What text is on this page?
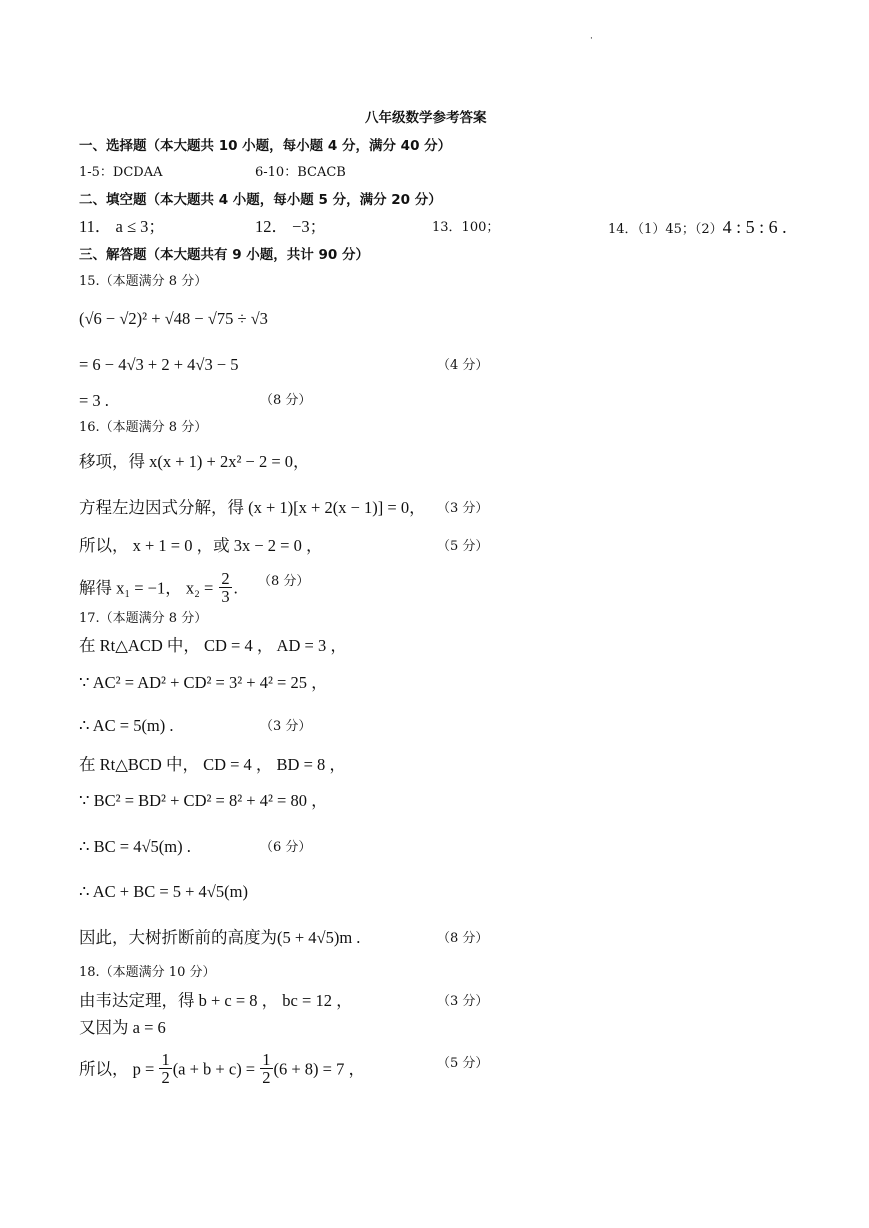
·
八年级数学参考答案
一、选择题（本大题共 10 小题，每小题 4 分，满分 40 分）
1-5：DCDAA	6-10：BCACB
二、填空题（本大题共 4 小题，每小题 5 分，满分 20 分）
11． a ≤ 3；	12． −3；	13．100；	14．（1）45；（2）4 : 5 : 6 .
三、解答题（本大题共有 9 小题，共计 90 分）
15.（本题满分 8 分）
(√6 − √2)² + √48 − √75 ÷ √3
= 6 − 4√3 + 2 + 4√3 − 5	（4 分）
= 3 .	（8 分）
16.（本题满分 8 分）
移项，得 x(x + 1) + 2x² − 2 = 0，
方程左边因式分解，得 (x + 1)[x + 2(x − 1)] = 0， （3 分）
所以， x + 1 = 0 ，或 3x − 2 = 0 ，	（5 分）
解得 x₁ = −1， $x_2 = \frac{2}{3}$ . （8 分）
17.（本题满分 8 分）
在 Rt△ACD 中， CD = 4 ， AD = 3 ，
∵ AC² = AD² + CD² = 3² + 4² = 25 ，
∴ AC = 5(m) .	（3 分）
在 Rt△BCD 中， CD = 4 ， BD = 8 ，
∵ BC² = BD² + CD² = 8² + 4² = 80 ，
∴ BC = 4√5(m) .	（6 分）
∴ AC + BC = 5 + 4√5(m)
因此，大树折断前的高度为(5 + 4√5)m .	（8 分）
18.（本题满分 10 分）
由韦达定理，得 b + c = 8 ， bc = 12 ，	（3 分）
又因为 a = 6
所以， $p = \frac{1}{2} (a + b + c) = \frac{1}{2} (6 + 8) = 7$ ，	（5 分）
